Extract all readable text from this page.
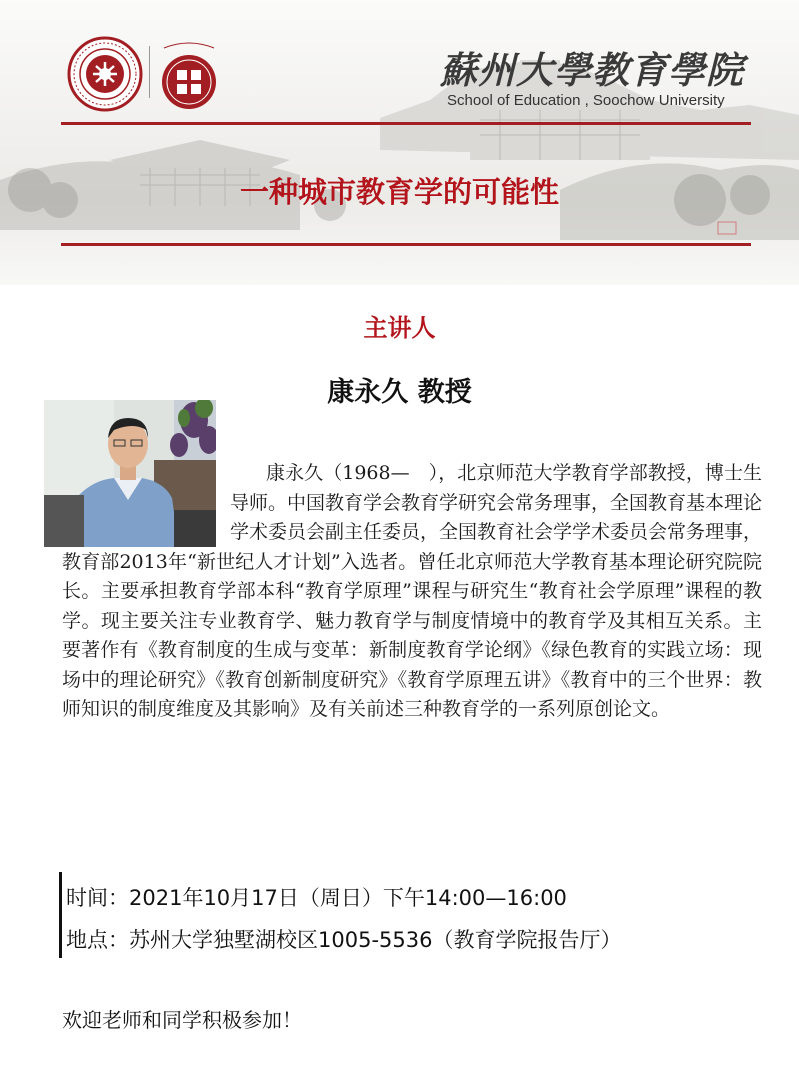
蘇州大學教育學院
School of Education , Soochow University
一种城市教育学的可能性
主讲人
康永久 教授
康永久（1968—　），北京师范大学教育学部教授，博士生导师。中国教育学会教育学研究会常务理事，全国教育基本理论学术委员会副主任委员，全国教育社会学学术委员会常务理事，教育部2013年“新世纪人才计划”入选者。曾任北京师范大学教育基本理论研究院院长。主要承担教育学部本科“教育学原理”课程与研究生“教育社会学原理”课程的教学。现主要关注专业教育学、魅力教育学与制度情境中的教育学及其相互关系。主要著作有《教育制度的生成与变革：新制度教育学论纲》《绿色教育的实践立场：现场中的理论研究》《教育创新制度研究》《教育学原理五讲》《教育中的三个世界：教师知识的制度维度及其影响》及有关前述三种教育学的一系列原创论文。
时间：2021年10月17日（周日）下午14:00—16:00
地点：苏州大学独墅湖校区1005-5536（教育学院报告厅）
欢迎老师和同学积极参加！
